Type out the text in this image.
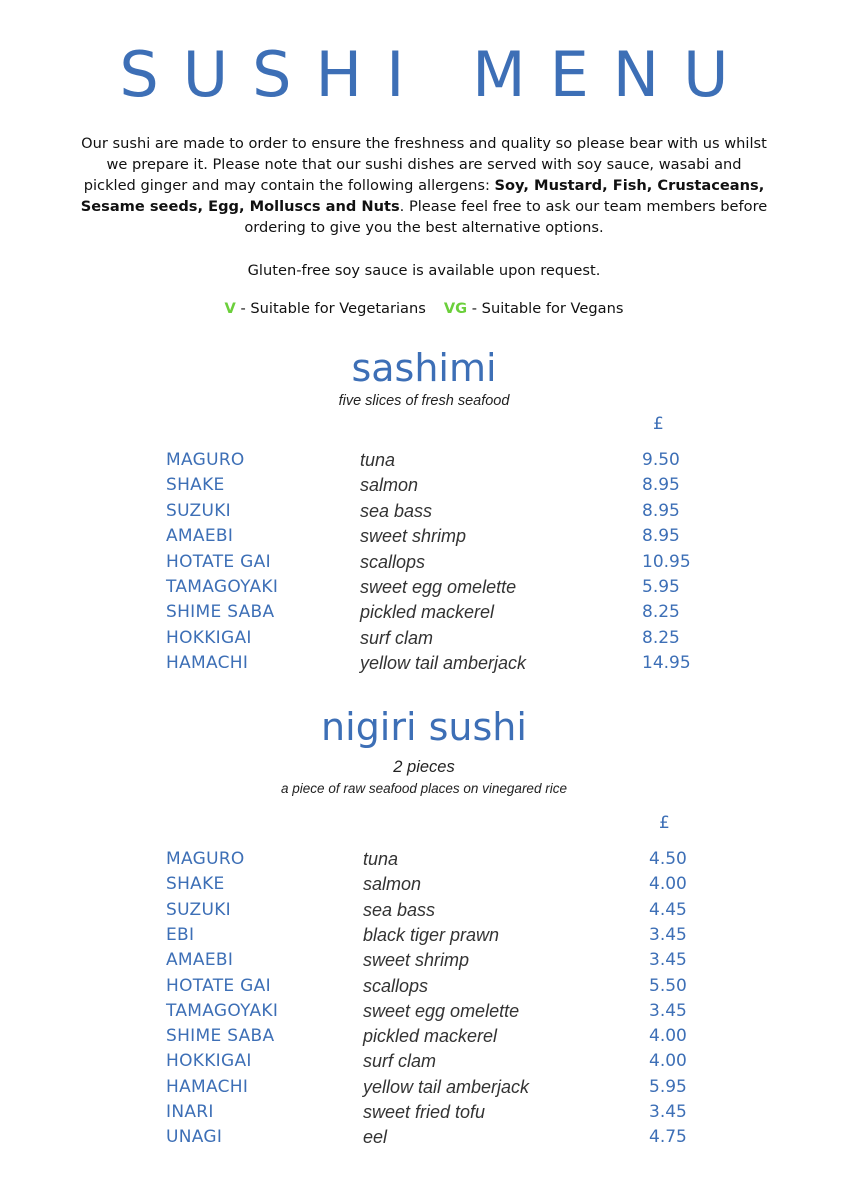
SUSHI MENU
Our sushi are made to order to ensure the freshness and quality so please bear with us whilst we prepare it. Please note that our sushi dishes are served with soy sauce, wasabi and pickled ginger and may contain the following allergens: Soy, Mustard, Fish, Crustaceans, Sesame seeds, Egg, Molluscs and Nuts. Please feel free to ask our team members before ordering to give you the best alternative options.
Gluten-free soy sauce is available upon request.
V - Suitable for Vegetarians VG - Suitable for Vegans
sashimi
five slices of fresh seafood
£
MAGURO	tuna	9.50
SHAKE	salmon	8.95
SUZUKI	sea bass	8.95
AMAEBI	sweet shrimp	8.95
HOTATE GAI	scallops	10.95
TAMAGOYAKI	sweet egg omelette	5.95
SHIME SABA	pickled mackerel	8.25
HOKKIGAI	surf clam	8.25
HAMACHI	yellow tail amberjack	14.95
nigiri sushi
2 pieces
a piece of raw seafood places on vinegared rice
£
MAGURO	tuna	4.50
SHAKE	salmon	4.00
SUZUKI	sea bass	4.45
EBI	black tiger prawn	3.45
AMAEBI	sweet shrimp	3.45
HOTATE GAI	scallops	5.50
TAMAGOYAKI	sweet egg omelette	3.45
SHIME SABA	pickled mackerel	4.00
HOKKIGAI	surf clam	4.00
HAMACHI	yellow tail amberjack	5.95
INARI	sweet fried tofu	3.45
UNAGI	eel	4.75
